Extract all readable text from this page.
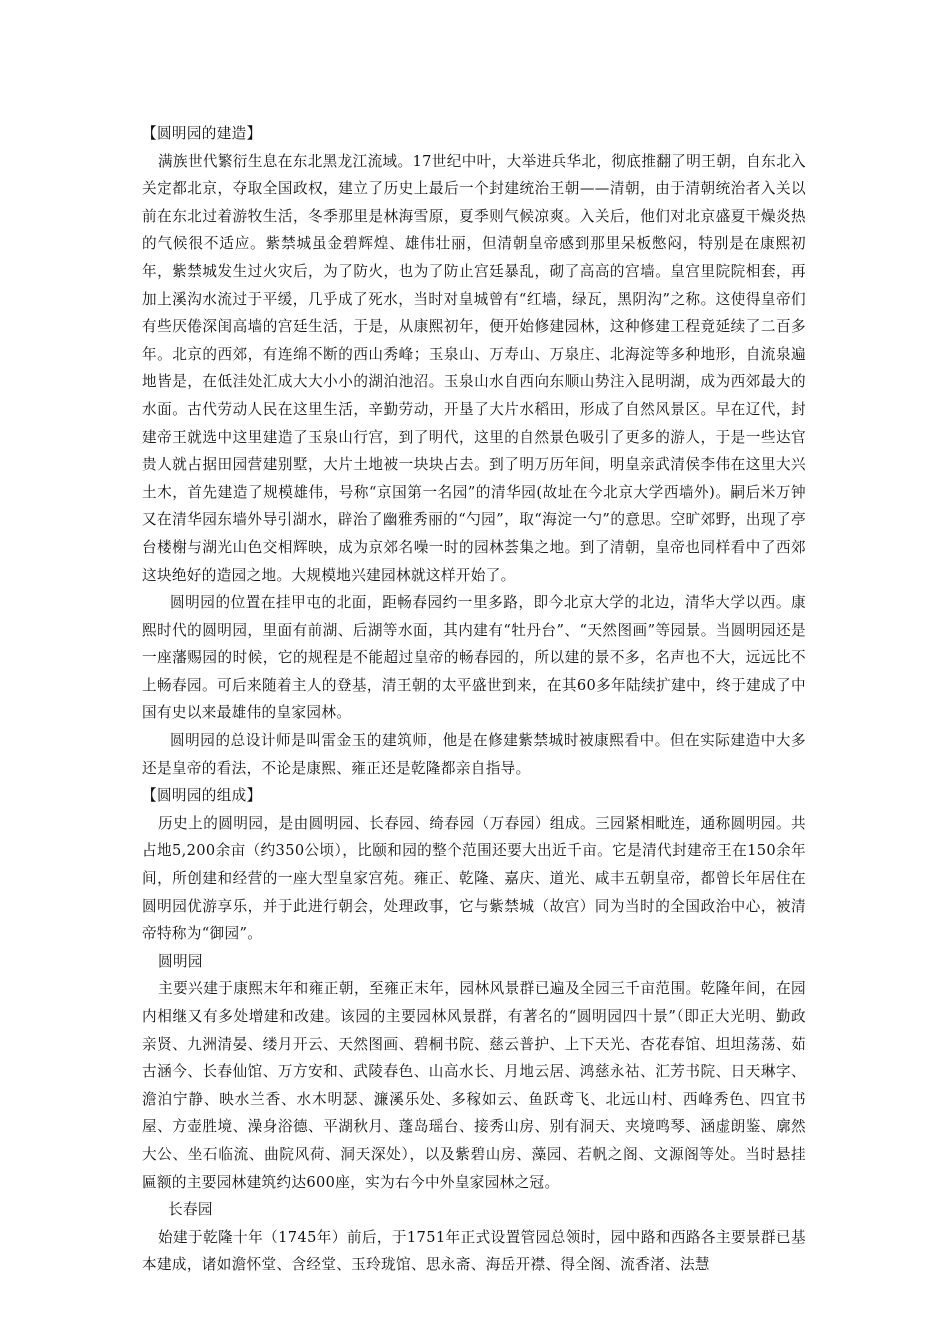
【圆明园的建造】

满族世代繁衍生息在东北黑龙江流域。17世纪中叶，大举进兵华北，彻底推翻了明王朝，自东北入关定都北京，夺取全国政权，建立了历史上最后一个封建统治王朝——清朝，由于清朝统治者入关以前在东北过着游牧生活，冬季那里是林海雪原，夏季则气候凉爽。入关后，他们对北京盛夏干燥炎热的气候很不适应。紫禁城虽金碧辉煌、雄伟壮丽，但清朝皇帝感到那里呆板憋闷，特别是在康熙初年，紫禁城发生过火灾后，为了防火，也为了防止宫廷暴乱，砌了高高的宫墙。皇宫里院院相套，再加上溪沟水流过于平缓，几乎成了死水，当时对皇城曾有“红墙，绿瓦，黑阴沟”之称。这使得皇帝们有些厌倦深闺高墙的宫廷生活，于是，从康熙初年，便开始修建园林，这种修建工程竟延续了二百多年。北京的西郊，有连绵不断的西山秀峰；玉泉山、万寿山、万泉庄、北海淀等多种地形，自流泉遍地皆是，在低洼处汇成大大小小的湖泊池沼。玉泉山水自西向东顺山势注入昆明湖，成为西郊最大的水面。古代劳动人民在这里生活，辛勤劳动，开垦了大片水稻田，形成了自然风景区。早在辽代，封建帝王就选中这里建造了玉泉山行宫，到了明代，这里的自然景色吸引了更多的游人，于是一些达官贵人就占据田园营建别墅，大片土地被一块块占去。到了明万历年间，明皇亲武清侯李伟在这里大兴土木，首先建造了规模雄伟，号称“京国第一名园”的清华园(故址在今北京大学西墙外)。嗣后米万钟又在清华园东墙外导引湖水，辟治了幽雅秀丽的“勺园”，取“海淀一勺”的意思。空旷郊野，出现了亭台楼榭与湖光山色交相辉映，成为京郊名噪一时的园林荟集之地。到了清朝，皇帝也同样看中了西郊这块绝好的造园之地。大规模地兴建园林就这样开始了。

圆明园的位置在挂甲屯的北面，距畅春园约一里多路，即今北京大学的北边，清华大学以西。康熙时代的圆明园，里面有前湖、后湖等水面，其内建有“牡丹台”、“天然图画”等园景。当圆明园还是一座藩赐园的时候，它的规程是不能超过皇帝的畅春园的，所以建的景不多，名声也不大，远远比不上畅春园。可后来随着主人的登基，清王朝的太平盛世到来，在其60多年陆续扩建中，终于建成了中国有史以来最雄伟的皇家园林。

圆明园的总设计师是叫雷金玉的建筑师，他是在修建紫禁城时被康熙看中。但在实际建造中大多还是皇帝的看法，不论是康熙、雍正还是乾隆都亲自指导。

【圆明园的组成】

历史上的圆明园，是由圆明园、长春园、绮春园（万春园）组成。三园紧相毗连，通称圆明园。共占地5,200余亩（约350公顷），比颐和园的整个范围还要大出近千亩。它是清代封建帝王在150余年间，所创建和经营的一座大型皇家宫苑。雍正、乾隆、嘉庆、道光、咸丰五朝皇帝，都曾长年居住在圆明园优游享乐，并于此进行朝会，处理政事，它与紫禁城（故宫）同为当时的全国政治中心，被清帝特称为“御园”。

圆明园

主要兴建于康熙末年和雍正朝，至雍正末年，园林风景群已遍及全园三千亩范围。乾隆年间，在园内相继又有多处增建和改建。该园的主要园林风景群，有著名的“圆明园四十景”（即正大光明、勤政亲贤、九洲清晏、缕月开云、天然图画、碧桐书院、慈云普护、上下天光、杏花春馆、坦坦荡荡、茹古涵今、长春仙馆、万方安和、武陵春色、山高水长、月地云居、鸿慈永祜、汇芳书院、日天琳字、澹泊宁静、映水兰香、水木明瑟、濂溪乐处、多稼如云、鱼跃鸢飞、北远山村、西峰秀色、四宜书屋、方壶胜境、澡身浴德、平湖秋月、蓬岛瑶台、接秀山房、别有洞天、夹境鸣琴、涵虚朗鉴、廓然大公、坐石临流、曲院风荷、洞天深处），以及紫碧山房、藻园、若帆之阁、文源阁等处。当时悬挂匾额的主要园林建筑约达600座，实为右今中外皇家园林之冠。

长春园

始建于乾隆十年（1745年）前后，于1751年正式设置管园总领时，园中路和西路各主要景群已基本建成，诸如澹怀堂、含经堂、玉玲珑馆、思永斋、海岳开襟、得全阁、流香渚、法慧
